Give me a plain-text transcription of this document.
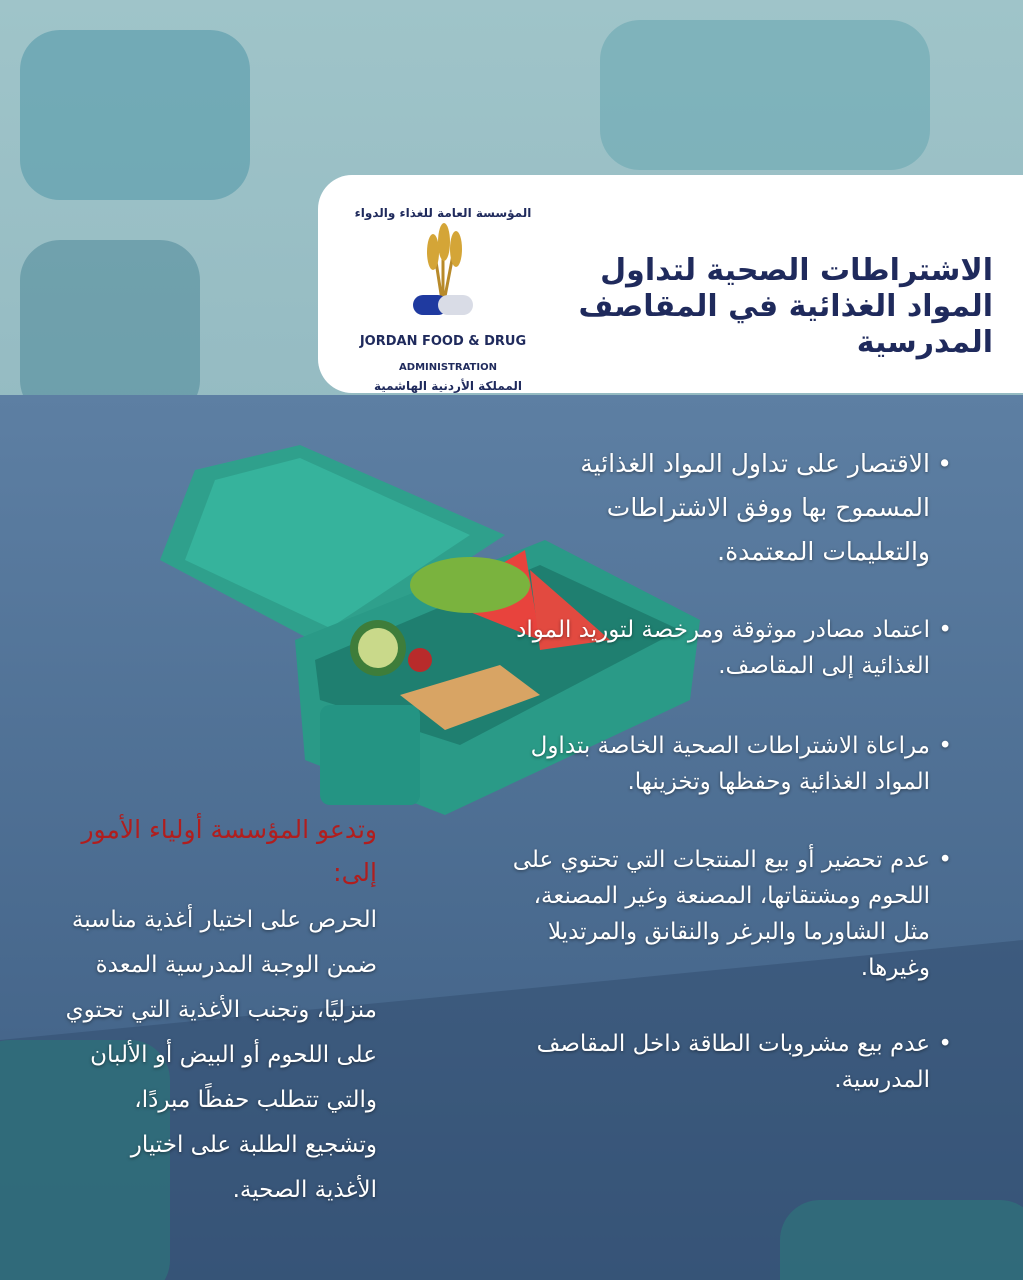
المؤسسة العامة للغذاء والدواء
JORDAN FOOD & DRUG
ADMINISTRATION
المملكة الأردنية الهاشمية
الاشتراطات الصحية لتداول المواد الغذائية في المقاصف المدرسية
• الاقتصار على تداول المواد الغذائية المسموح بها ووفق الاشتراطات والتعليمات المعتمدة.
• اعتماد مصادر موثوقة ومرخصة لتوريد المواد الغذائية إلى المقاصف.
• مراعاة الاشتراطات الصحية الخاصة بتداول المواد الغذائية وحفظها وتخزينها.
• عدم تحضير أو بيع المنتجات التي تحتوي على اللحوم ومشتقاتها، المصنعة وغير المصنعة، مثل الشاورما والبرغر والنقانق والمرتديلا وغيرها.
• عدم بيع مشروبات الطاقة داخل المقاصف المدرسية.

وتدعو المؤسسة أولياء الأمور إلى:

الحرص على اختيار أغذية مناسبة ضمن الوجبة المدرسية المعدة منزليًا، وتجنب الأغذية التي تحتوي على اللحوم أو البيض أو الألبان والتي تتطلب حفظًا مبردًا، وتشجيع الطلبة على اختيار الأغذية الصحية.
